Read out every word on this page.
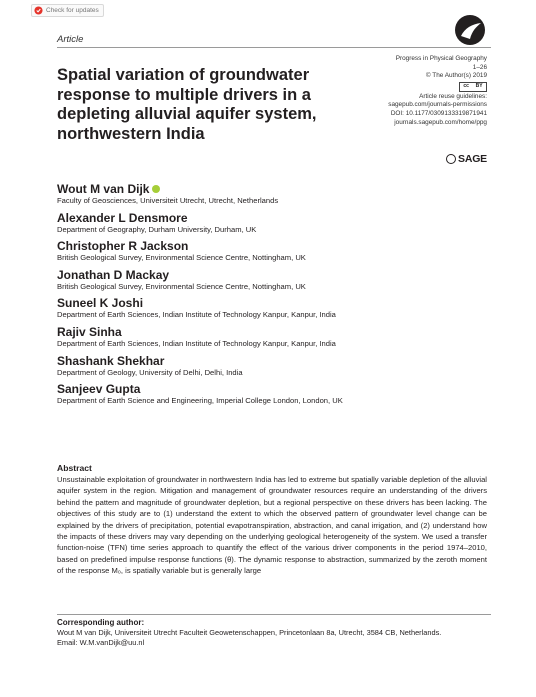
Check for updates
Article
Progress in Physical Geography
1–26
© The Author(s) 2019
cc BY
Article reuse guidelines:
sagepub.com/journals-permissions
DOI: 10.1177/0309133319871941
journals.sagepub.com/home/ppg
SAGE
Spatial variation of groundwater response to multiple drivers in a depleting alluvial aquifer system, northwestern India
Wout M van Dijk
Faculty of Geosciences, Universiteit Utrecht, Utrecht, Netherlands
Alexander L Densmore
Department of Geography, Durham University, Durham, UK
Christopher R Jackson
British Geological Survey, Environmental Science Centre, Nottingham, UK
Jonathan D Mackay
British Geological Survey, Environmental Science Centre, Nottingham, UK
Suneel K Joshi
Department of Earth Sciences, Indian Institute of Technology Kanpur, Kanpur, India
Rajiv Sinha
Department of Earth Sciences, Indian Institute of Technology Kanpur, Kanpur, India
Shashank Shekhar
Department of Geology, University of Delhi, Delhi, India
Sanjeev Gupta
Department of Earth Science and Engineering, Imperial College London, London, UK
Abstract

Unsustainable exploitation of groundwater in northwestern India has led to extreme but spatially variable depletion of the alluvial aquifer system in the region. Mitigation and management of groundwater resources require an understanding of the drivers behind the pattern and magnitude of groundwater depletion, but a regional perspective on these drivers has been lacking. The objectives of this study are to (1) understand the extent to which the observed pattern of groundwater level change can be explained by the drivers of precipitation, potential evapotranspiration, abstraction, and canal irrigation, and (2) understand how the impacts of these drivers may vary depending on the underlying geological heterogeneity of the system. We used a transfer function-noise (TFN) time series approach to quantify the effect of the various driver components in the period 1974–2010, based on predefined impulse response functions (θ). The dynamic response to abstraction, summarized by the zeroth moment of the response M₀, is spatially variable but is generally large

Corresponding author:
Wout M van Dijk, Universiteit Utrecht Faculteit Geowetenschappen, Princetonlaan 8a, Utrecht, 3584 CB, Netherlands.
Email: W.M.vanDijk@uu.nl
